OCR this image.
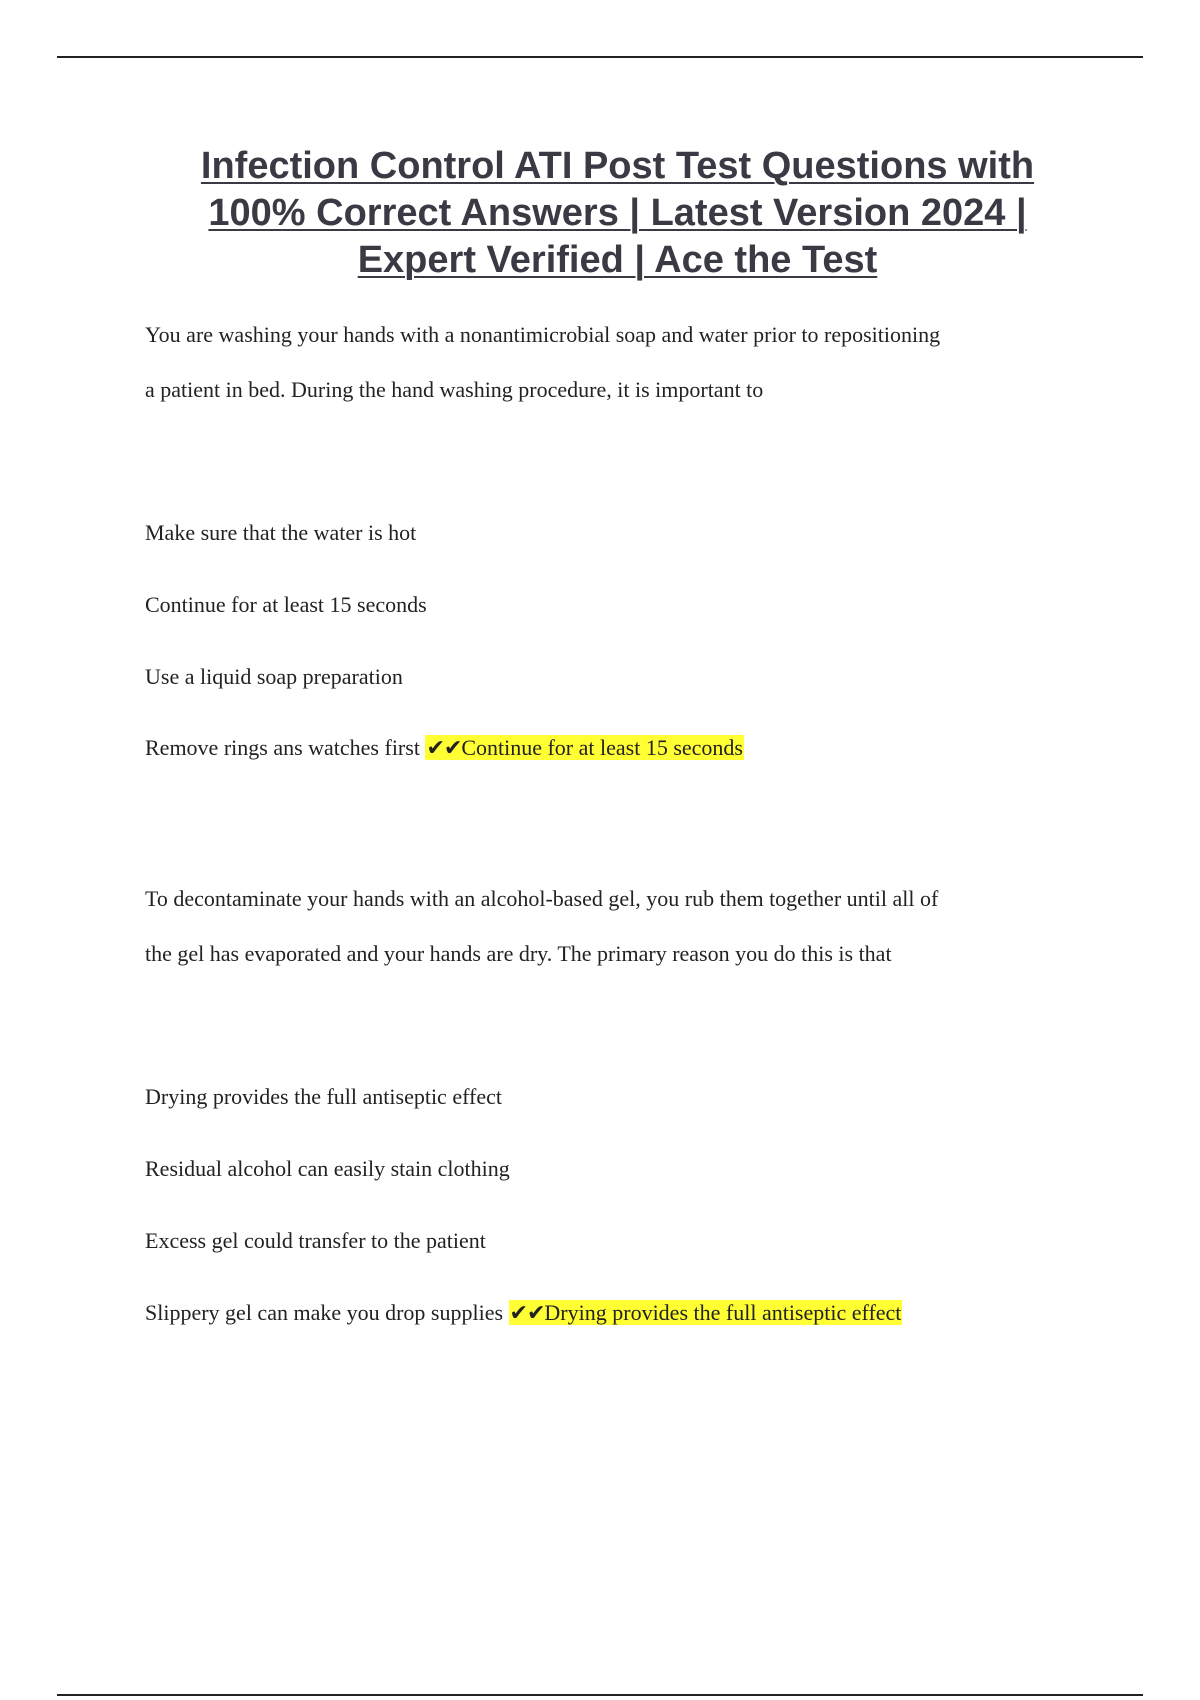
Infection Control ATI Post Test Questions with
100% Correct Answers | Latest Version 2024 |
Expert Verified | Ace the Test

You are washing your hands with a nonantimicrobial soap and water prior to repositioning

a patient in bed. During the hand washing procedure, it is important to

Make sure that the water is hot

Continue for at least 15 seconds

Use a liquid soap preparation

Remove rings ans watches first ✔✔Continue for at least 15 seconds

To decontaminate your hands with an alcohol-based gel, you rub them together until all of

the gel has evaporated and your hands are dry. The primary reason you do this is that

Drying provides the full antiseptic effect

Residual alcohol can easily stain clothing

Excess gel could transfer to the patient

Slippery gel can make you drop supplies ✔✔Drying provides the full antiseptic effect
